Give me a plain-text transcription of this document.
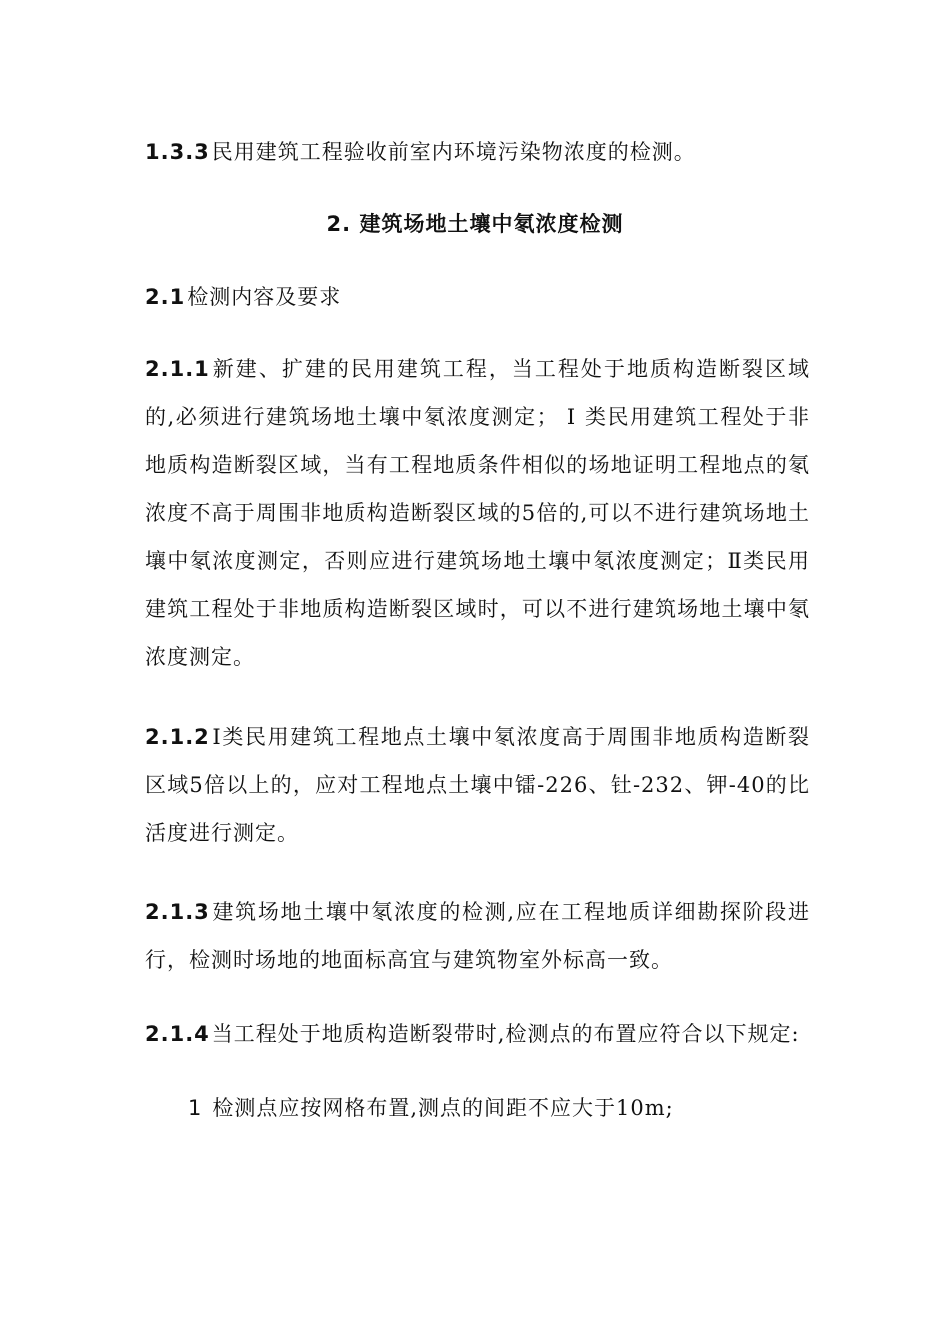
1.3.3民用建筑工程验收前室内环境污染物浓度的检测。

2. 建筑场地土壤中氡浓度检测

2.1检测内容及要求

2.1.1新建、扩建的民用建筑工程，当工程处于地质构造断裂区域的,必须进行建筑场地土壤中氡浓度测定； Ⅰ 类民用建筑工程处于非地质构造断裂区域，当有工程地质条件相似的场地证明工程地点的氡浓度不高于周围非地质构造断裂区域的5倍的,可以不进行建筑场地土壤中氡浓度测定，否则应进行建筑场地土壤中氡浓度测定；Ⅱ类民用建筑工程处于非地质构造断裂区域时，可以不进行建筑场地土壤中氡浓度测定。

2.1.2Ⅰ类民用建筑工程地点土壤中氡浓度高于周围非地质构造断裂区域5倍以上的，应对工程地点土壤中镭-226、钍-232、钾-40的比活度进行测定。

2.1.3建筑场地土壤中氡浓度的检测,应在工程地质详细勘探阶段进行，检测时场地的地面标高宜与建筑物室外标高一致。

2.1.4当工程处于地质构造断裂带时,检测点的布置应符合以下规定:

1 检测点应按网格布置,测点的间距不应大于10m;
